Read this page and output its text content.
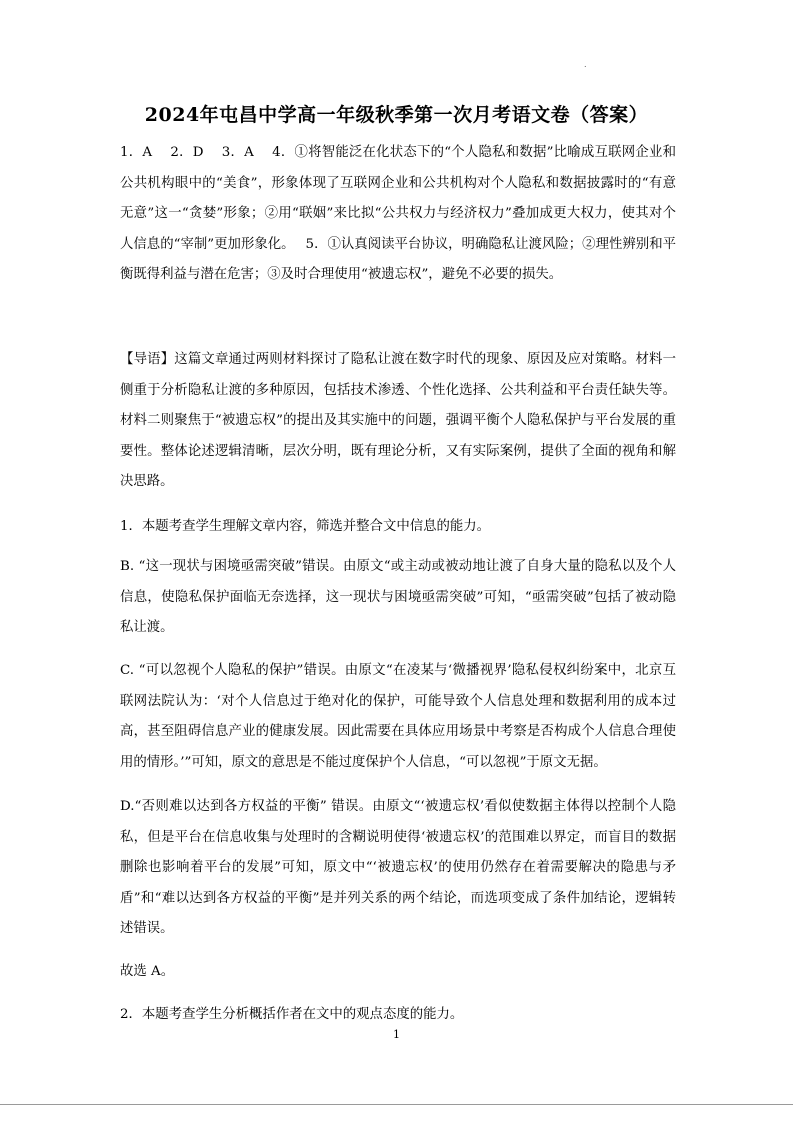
.
2024年屯昌中学高一年级秋季第一次月考语文卷（答案）

1．A　 2．D　 3．A　 4．①将智能泛在化状态下的“个人隐私和数据”比喻成互联网企业和公共机构眼中的“美食”，形象体现了互联网企业和公共机构对个人隐私和数据披露时的“有意无意”这一“贪婪”形象；②用“联姻”来比拟“公共权力与经济权力”叠加成更大权力，使其对个人信息的“宰制”更加形象化。　 5．①认真阅读平台协议，明确隐私让渡风险；②理性辨别和平衡既得利益与潜在危害；③及时合理使用“被遗忘权”，避免不必要的损失。

【导语】这篇文章通过两则材料探讨了隐私让渡在数字时代的现象、原因及应对策略。材料一侧重于分析隐私让渡的多种原因，包括技术渗透、个性化选择、公共利益和平台责任缺失等。材料二则聚焦于“被遗忘权”的提出及其实施中的问题，强调平衡个人隐私保护与平台发展的重要性。整体论述逻辑清晰，层次分明，既有理论分析，又有实际案例，提供了全面的视角和解决思路。

1．本题考查学生理解文章内容，筛选并整合文中信息的能力。

B. “这一现状与困境亟需突破”错误。由原文“或主动或被动地让渡了自身大量的隐私以及个人信息，使隐私保护面临无奈选择，这一现状与困境亟需突破”可知，“亟需突破”包括了被动隐私让渡。

C. “可以忽视个人隐私的保护”错误。由原文“在凌某与‘微播视界’隐私侵权纠纷案中，北京互联网法院认为：‘对个人信息过于绝对化的保护，可能导致个人信息处理和数据利用的成本过高，甚至阻碍信息产业的健康发展。因此需要在具体应用场景中考察是否构成个人信息合理使用的情形。’”可知，原文的意思是不能过度保护个人信息，“可以忽视”于原文无据。

D.“否则难以达到各方权益的平衡” 错误。由原文“‘被遗忘权’看似使数据主体得以控制个人隐私，但是平台在信息收集与处理时的含糊说明使得‘被遗忘权’的范围难以界定，而盲目的数据删除也影响着平台的发展”可知，原文中“‘被遗忘权’的使用仍然存在着需要解决的隐患与矛盾”和“难以达到各方权益的平衡”是并列关系的两个结论，而选项变成了条件加结论，逻辑转述错误。

故选 A。

2．本题考查学生分析概括作者在文中的观点态度的能力。

1
